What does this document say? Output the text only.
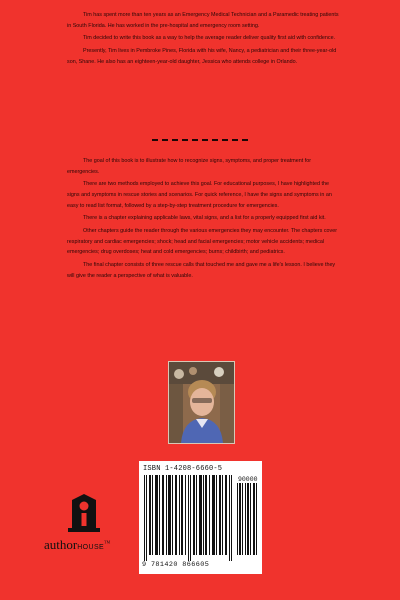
Tim has spent more than ten years as an Emergency Medical Technician and a Paramedic treating patients in South Florida. He has worked in the pre-hospital and emergency room setting.

Tim decided to write this book as a way to help the average reader deliver quality first aid with confidence.

Presently, Tim lives in Pembroke Pines, Florida with his wife, Nancy, a pediatrician and their three-year-old son, Shane. He also has an eighteen-year-old daughter, Jessica who attends college in Orlando.

The goal of this book is to illustrate how to recognize signs, symptoms, and proper treatment for emergencies.

There are two methods employed to achieve this goal. For educational purposes, I have highlighted the signs and symptoms in rescue stories and scenarios. For quick reference, I have the signs and symptoms in an easy to read list format, followed by a step-by-step treatment procedure for emergencies.

There is a chapter explaining applicable laws, vital signs, and a list for a properly equipped first aid kit.

Other chapters guide the reader through the various emergencies they may encounter. The chapters cover respiratory and cardiac emergencies; shock; head and facial emergencies; motor vehicle accidents; medical emergencies; drug overdoses; heat and cold emergencies; burns; childbirth; and pediatrics.

The final chapter consists of three rescue calls that touched me and gave me a life's lesson. I believe they will give the reader a perspective of what is valuable.

ISBN 1-4208-6660-5
90000
9 781420 866605
authorHOUSE™
